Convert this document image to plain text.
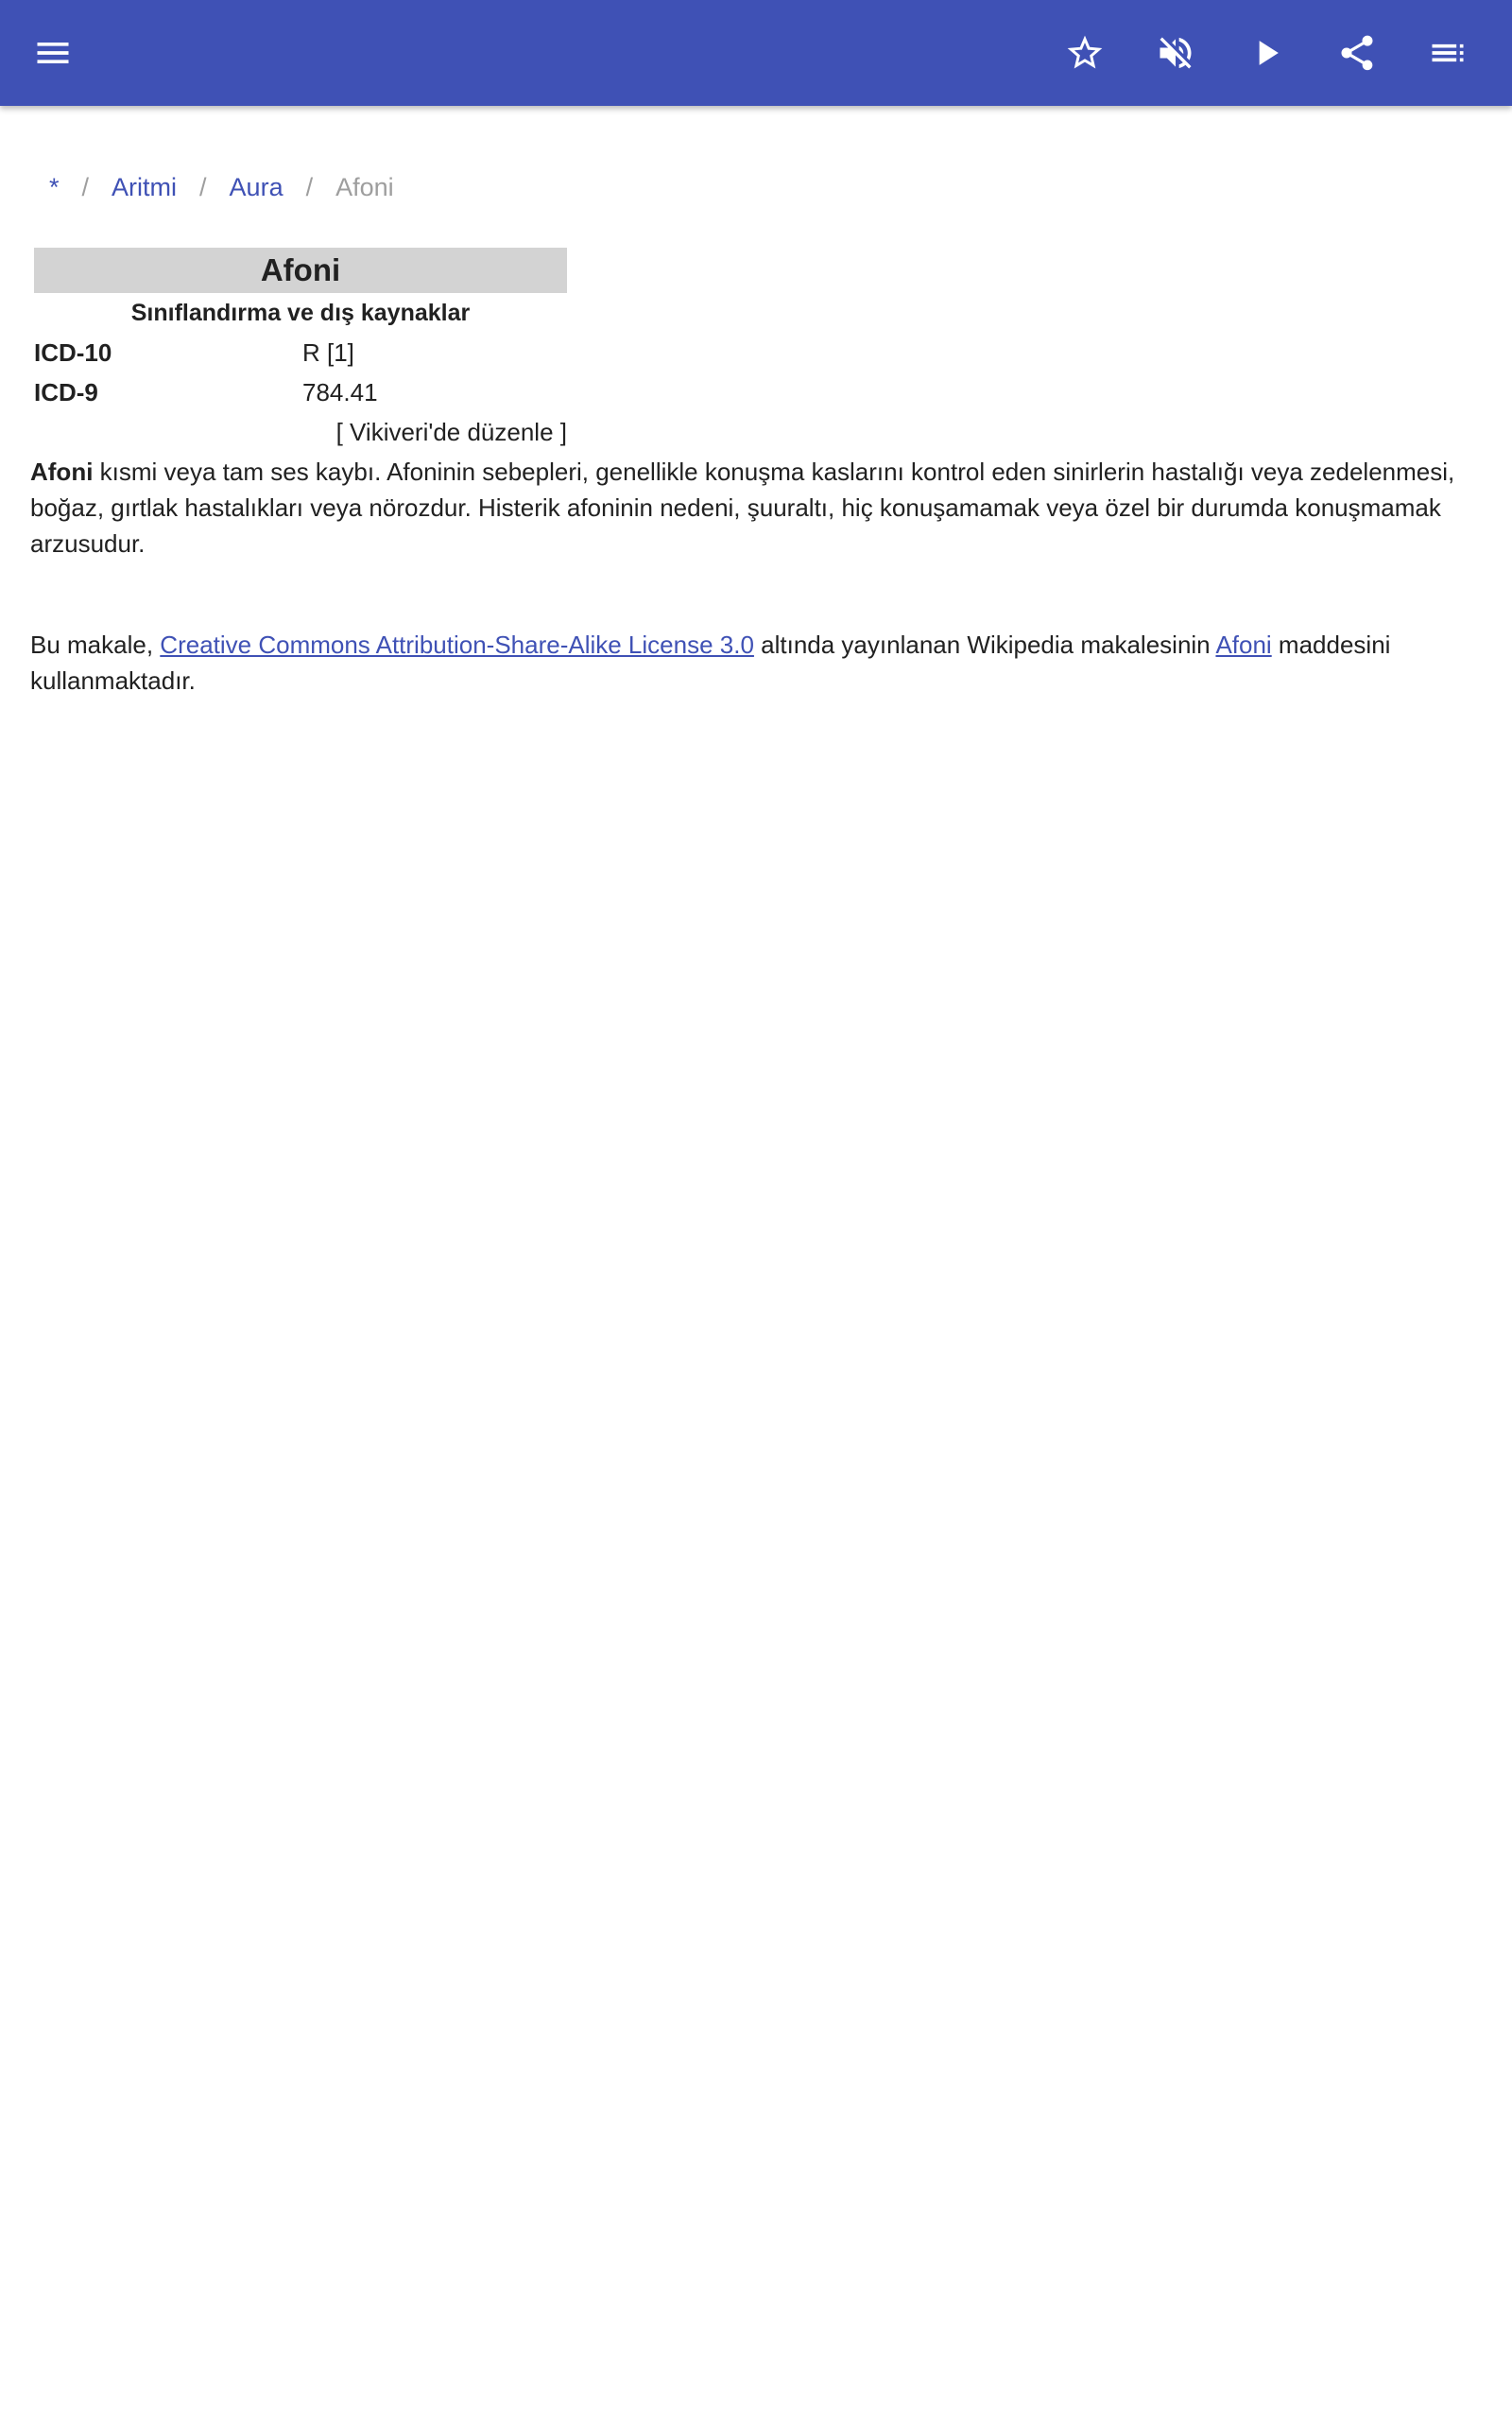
* / Aritmi / Aura / Afoni
Afoni
Sınıflandırma ve dış kaynaklar
ICD-10	R [1]
ICD-9	784.41
[ Vikiveri'de düzenle ]

Afoni kısmi veya tam ses kaybı. Afoninin sebepleri, genellikle konuşma kaslarını kontrol eden sinirlerin hastalığı veya zedelenmesi, boğaz, gırtlak hastalıkları veya nörozdur. Histerik afoninin nedeni, şuuraltı, hiç konuşamamak veya özel bir durumda konuşmamak arzusudur.

Bu makale, Creative Commons Attribution-Share-Alike License 3.0 altında yayınlanan Wikipedia makalesinin Afoni maddesini kullanmaktadır.
